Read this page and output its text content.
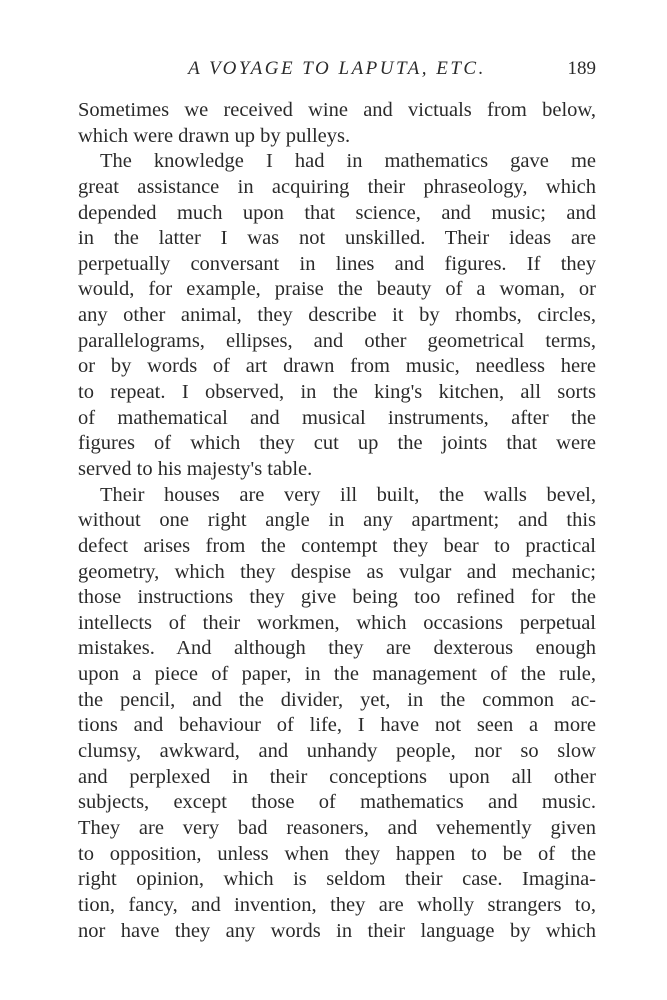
A VOYAGE TO LAPUTA, ETC.	189
Sometimes we received wine and victuals from below,
which were drawn up by pulleys.
The knowledge I had in mathematics gave me
great assistance in acquiring their phraseology, which
depended much upon that science, and music; and
in the latter I was not unskilled. Their ideas are
perpetually conversant in lines and figures. If they
would, for example, praise the beauty of a woman, or
any other animal, they describe it by rhombs, circles,
parallelograms, ellipses, and other geometrical terms,
or by words of art drawn from music, needless here
to repeat. I observed, in the king's kitchen, all sorts
of mathematical and musical instruments, after the
figures of which they cut up the joints that were
served to his majesty's table.
Their houses are very ill built, the walls bevel,
without one right angle in any apartment; and this
defect arises from the contempt they bear to practical
geometry, which they despise as vulgar and mechanic;
those instructions they give being too refined for the
intellects of their workmen, which occasions perpetual
mistakes. And although they are dexterous enough
upon a piece of paper, in the management of the rule,
the pencil, and the divider, yet, in the common ac-
tions and behaviour of life, I have not seen a more
clumsy, awkward, and unhandy people, nor so slow
and perplexed in their conceptions upon all other
subjects, except those of mathematics and music.
They are very bad reasoners, and vehemently given
to opposition, unless when they happen to be of the
right opinion, which is seldom their case. Imagina-
tion, fancy, and invention, they are wholly strangers to,
nor have they any words in their language by which
